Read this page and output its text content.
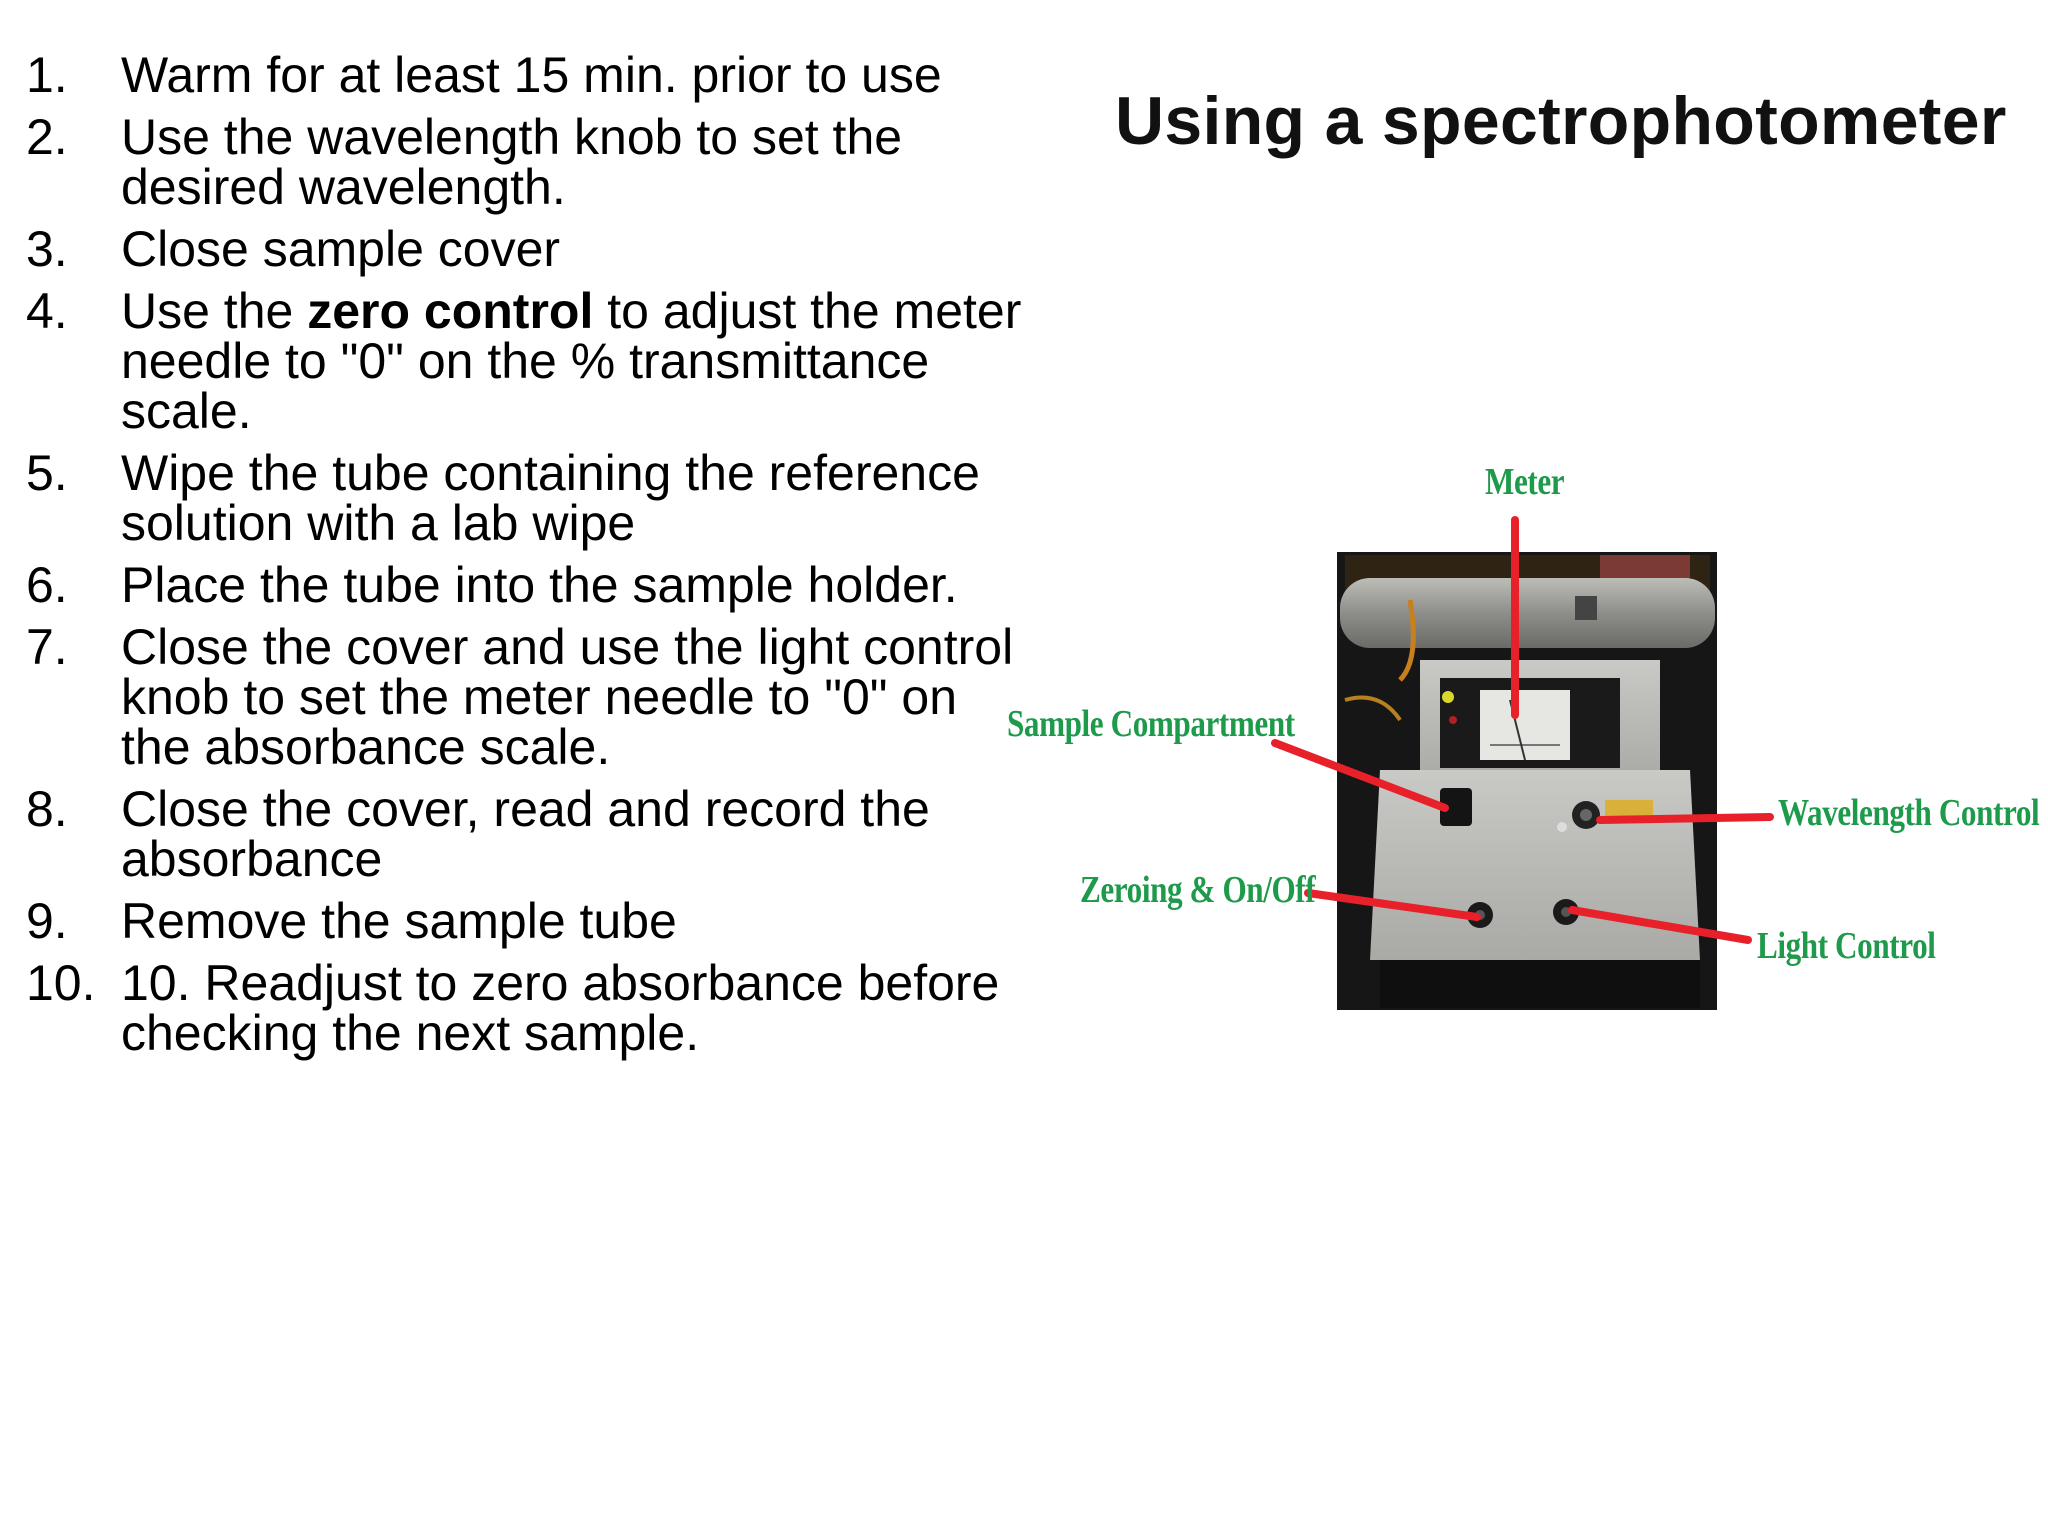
1. Warm for at least 15 min. prior to use
2. Use the wavelength knob to set the desired wavelength.
3. Close sample cover
4. Use the zero control to adjust the meter needle to "0" on the % transmittance scale.
5. Wipe the tube containing the reference solution with a lab wipe
6. Place the tube into the sample holder.
7. Close the cover and use the light control knob to set the meter needle to "0" on the absorbance scale.
8. Close the cover, read and record the absorbance
9. Remove the sample tube
10. 10. Readjust to zero absorbance before checking the next sample.
Using a spectrophotometer
Meter
Sample Compartment
Wavelength Control
Zeroing & On/Off
Light Control
